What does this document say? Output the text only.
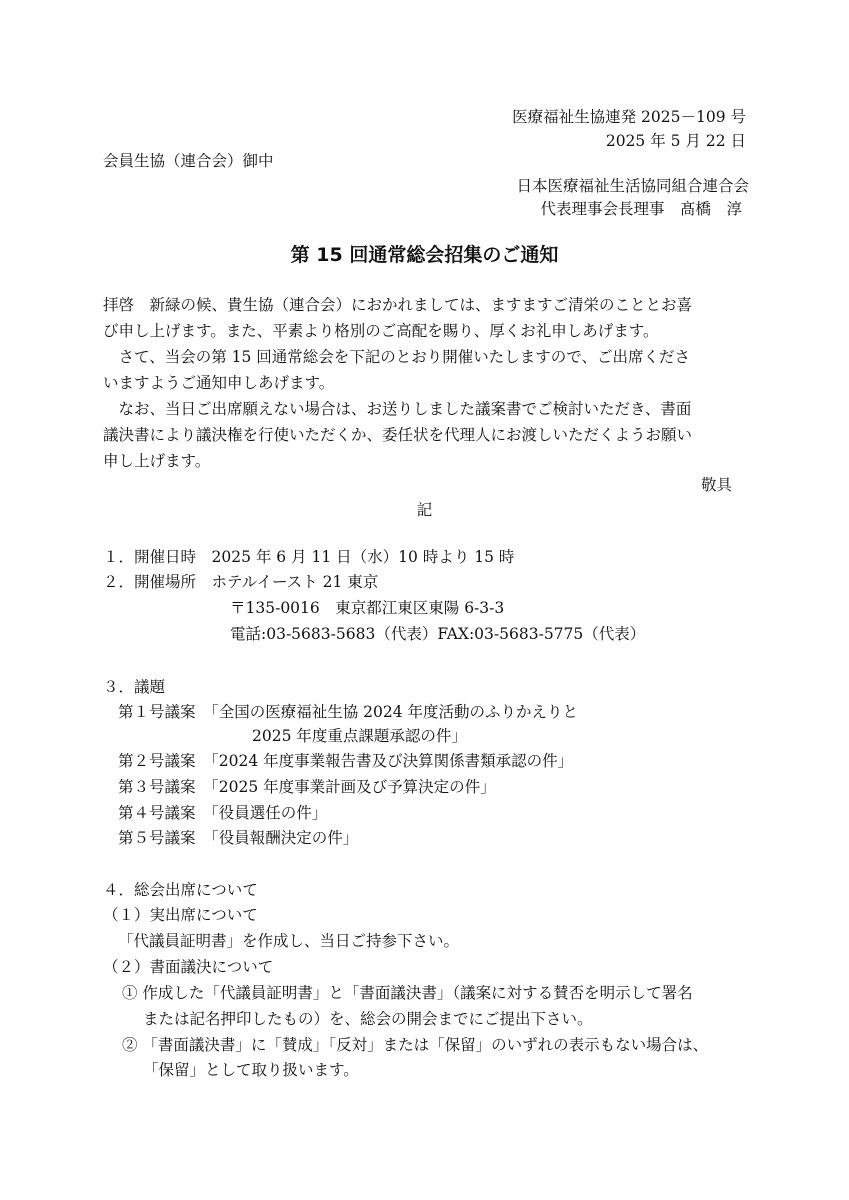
医療福祉生協連発 2025－109 号
2025 年 5 月 22 日
会員生協（連合会）御中
日本医療福祉生活協同組合連合会
代表理事会長理事　髙橋　淳
第 15 回通常総会招集のご通知
拝啓　新緑の候、貴生協（連合会）におかれましては、ますますご清栄のこととお喜
び申し上げます。また、平素より格別のご高配を賜り、厚くお礼申しあげます。
　さて、当会の第 15 回通常総会を下記のとおり開催いたしますので、ご出席くださ
いますようご通知申しあげます。
　なお、当日ご出席願えない場合は、お送りしました議案書でご検討いただき、書面
議決書により議決権を行使いただくか、委任状を代理人にお渡しいただくようお願い
申し上げます。
敬具
記
１．開催日時　2025 年 6 月 11 日（水）10 時より 15 時
２．開催場所　ホテルイースト 21 東京
〒135-0016　東京都江東区東陽 6-3-3
電話:03-5683-5683（代表）FAX:03-5683-5775（代表）
３．議題
第１号議案　「全国の医療福祉生協 2024 年度活動のふりかえりと
2025 年度重点課題承認の件」
第２号議案　「2024 年度事業報告書及び決算関係書類承認の件」
第３号議案　「2025 年度事業計画及び予算決定の件」
第４号議案　「役員選任の件」
第５号議案　「役員報酬決定の件」
４．総会出席について
（１）実出席について
「代議員証明書」を作成し、当日ご持参下さい。
（２）書面議決について
① 作成した「代議員証明書」と「書面議決書」（議案に対する賛否を明示して署名
または記名押印したもの）を、総会の開会までにご提出下さい。
② 「書面議決書」に「賛成」「反対」または「保留」のいずれの表示もない場合は、
「保留」として取り扱います。
